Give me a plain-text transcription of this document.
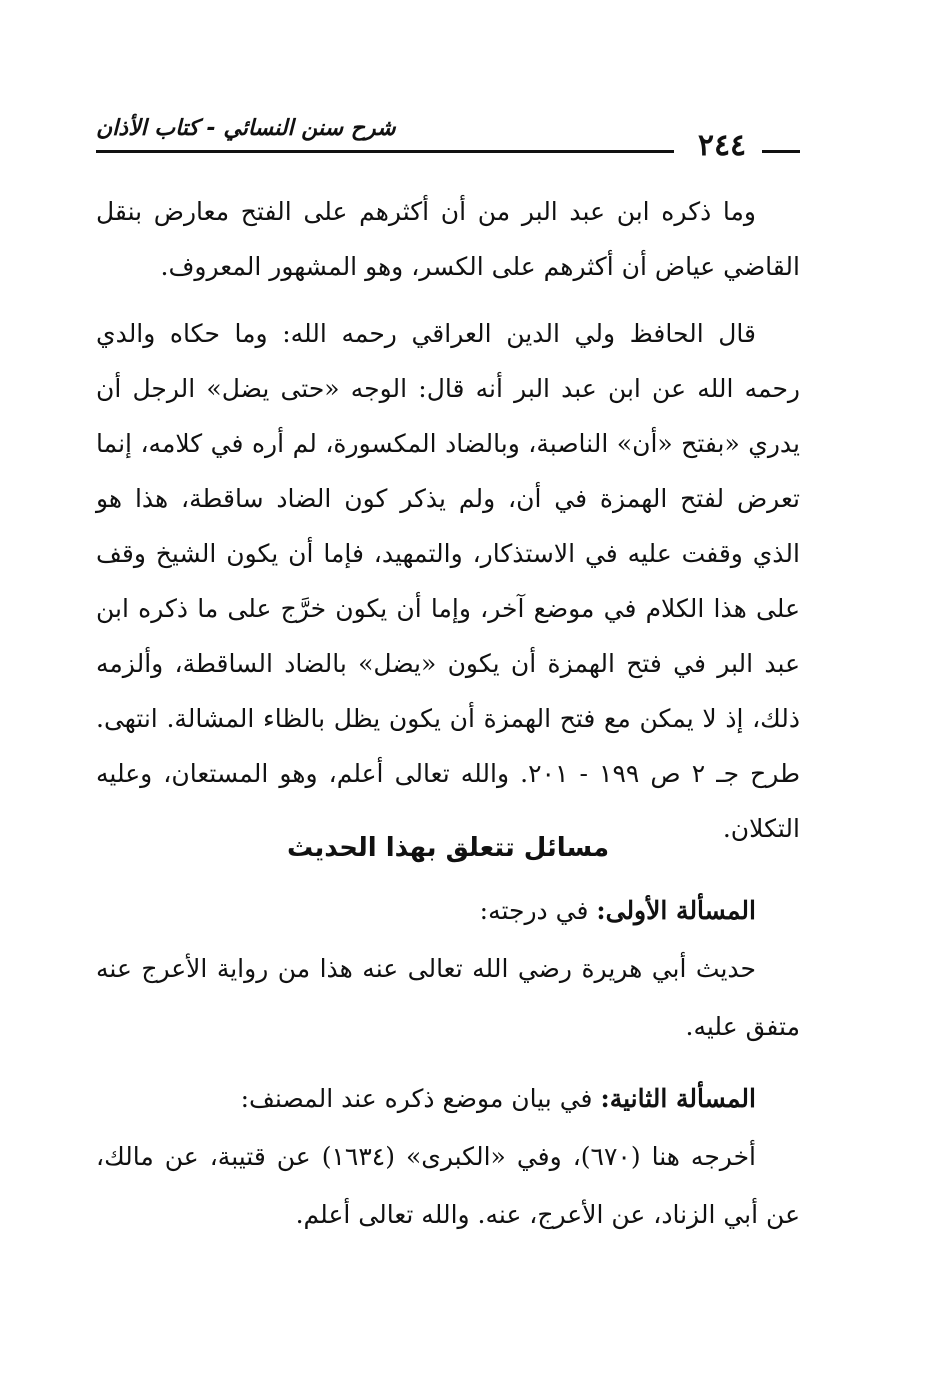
شرح سنن النسائي - كتاب الأذان	٢٤٤

وما ذكره ابن عبد البر من أن أكثرهم على الفتح معارض بنقل القاضي عياض أن أكثرهم على الكسر، وهو المشهور المعروف.

قال الحافظ ولي الدين العراقي رحمه الله: وما حكاه والدي رحمه الله عن ابن عبد البر أنه قال: الوجه «حتى يضل» الرجل أن يدري «بفتح «أن» الناصبة، وبالضاد المكسورة، لم أره في كلامه، إنما تعرض لفتح الهمزة في أن، ولم يذكر كون الضاد ساقطة، هذا هو الذي وقفت عليه في الاستذكار، والتمهيد، فإما أن يكون الشيخ وقف على هذا الكلام في موضع آخر، وإما أن يكون خرَّج على ما ذكره ابن عبد البر في فتح الهمزة أن يكون «يضل» بالضاد الساقطة، وألزمه ذلك، إذ لا يمكن مع فتح الهمزة أن يكون يظل بالظاء المشالة. انتهى. طرح جـ ٢ ص ١٩٩ - ٢٠١. والله تعالى أعلم، وهو المستعان، وعليه التكلان.

مسائل تتعلق بهذا الحديث

المسألة الأولى: في درجته:

حديث أبي هريرة رضي الله تعالى عنه هذا من رواية الأعرج عنه متفق عليه.

المسألة الثانية: في بيان موضع ذكره عند المصنف:

أخرجه هنا (٦٧٠)، وفي «الكبرى» (١٦٣٤) عن قتيبة، عن مالك، عن أبي الزناد، عن الأعرج، عنه. والله تعالى أعلم.
